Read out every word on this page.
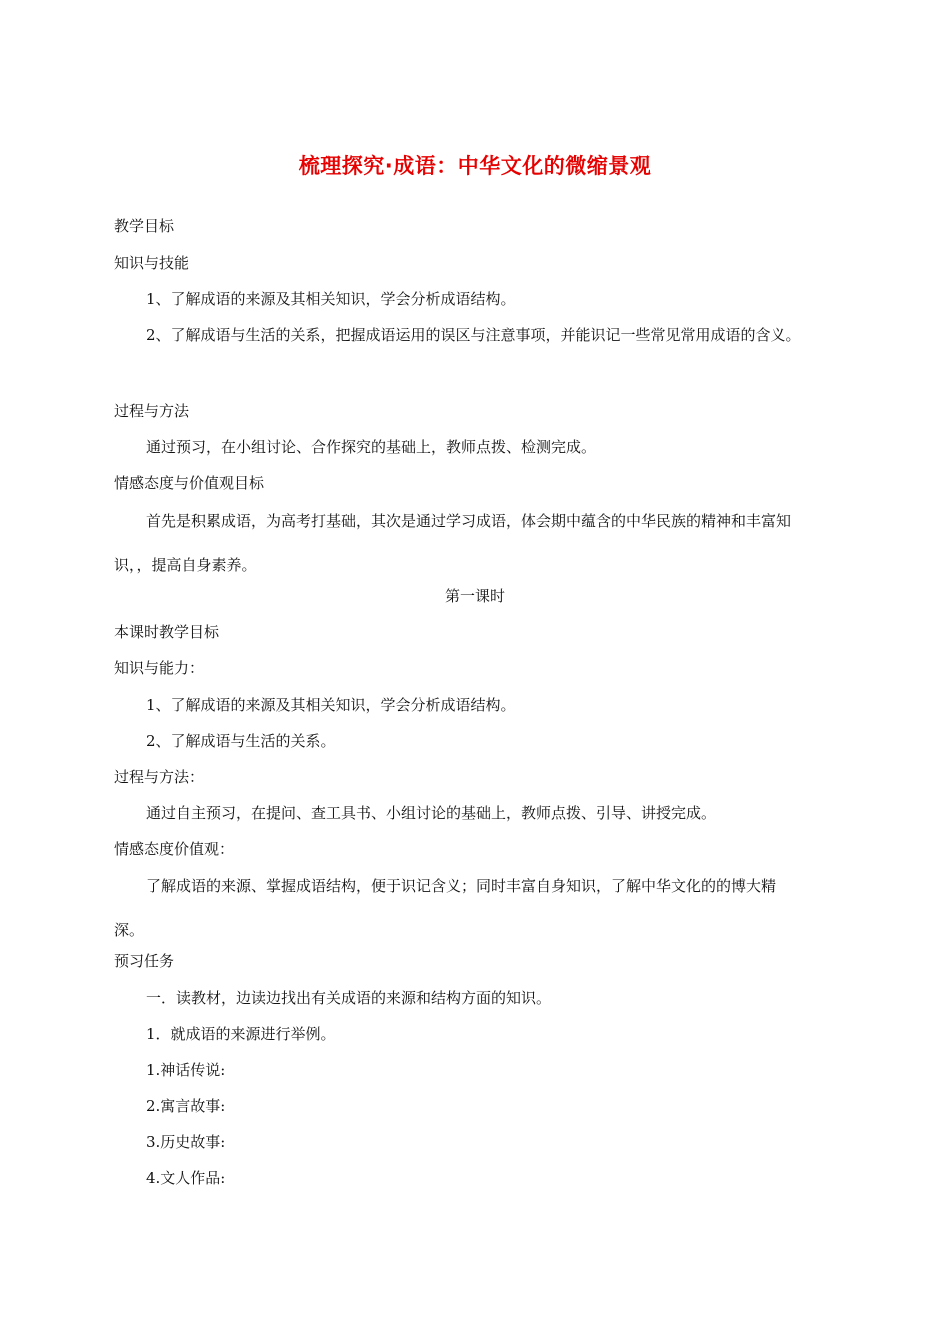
梳理探究·成语：中华文化的微缩景观
教学目标
知识与技能
1、了解成语的来源及其相关知识，学会分析成语结构。
2、了解成语与生活的关系，把握成语运用的误区与注意事项，并能识记一些常见常用成语的含义。
过程与方法
通过预习，在小组讨论、合作探究的基础上，教师点拨、检测完成。
情感态度与价值观目标
首先是积累成语，为高考打基础，其次是通过学习成语，体会期中蕴含的中华民族的精神和丰富知识，，提高自身素养。
第一课时
本课时教学目标
知识与能力：
1、了解成语的来源及其相关知识，学会分析成语结构。
2、了解成语与生活的关系。
过程与方法：
通过自主预习，在提问、查工具书、小组讨论的基础上，教师点拨、引导、讲授完成。
情感态度价值观：
了解成语的来源、掌握成语结构，便于识记含义；同时丰富自身知识，了解中华文化的的博大精深。
预习任务
一．读教材，边读边找出有关成语的来源和结构方面的知识。
1．就成语的来源进行举例。
1.神话传说:
2.寓言故事:
3.历史故事:
4.文人作品:
